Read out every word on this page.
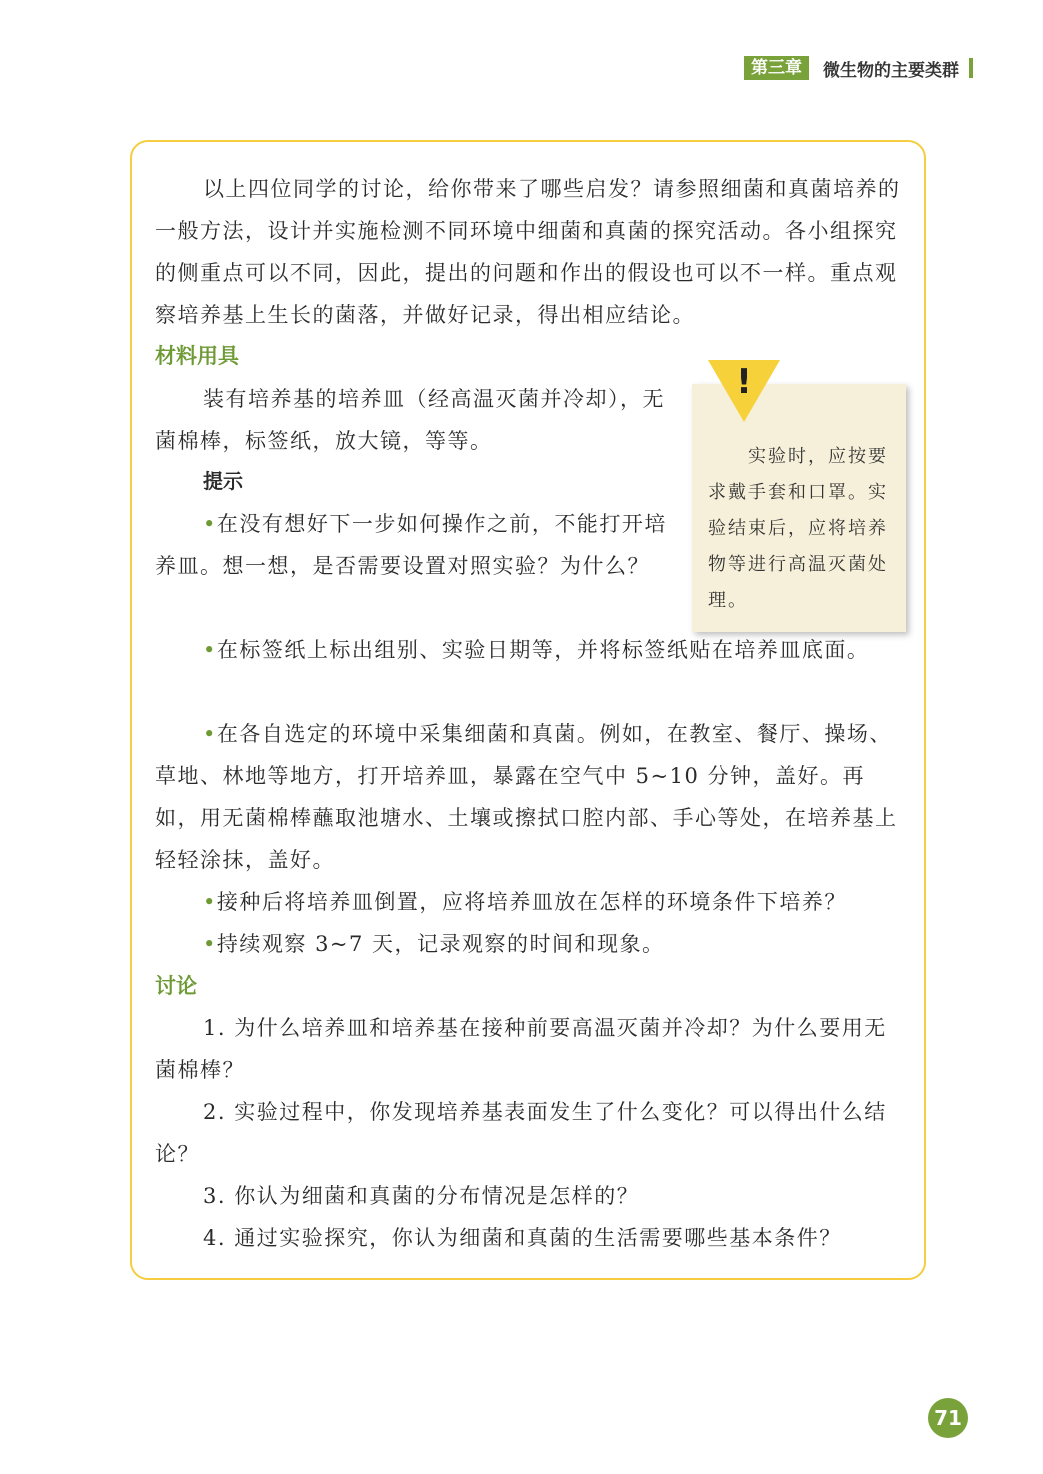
第三章	微生物的主要类群

以上四位同学的讨论，给你带来了哪些启发？请参照细菌和真菌培养的一般方法，设计并实施检测不同环境中细菌和真菌的探究活动。各小组探究的侧重点可以不同，因此，提出的问题和作出的假设也可以不一样。重点观察培养基上生长的菌落，并做好记录，得出相应结论。

材料用具

装有培养基的培养皿（经高温灭菌并冷却），无菌棉棒，标签纸，放大镜，等等。

提示

•在没有想好下一步如何操作之前，不能打开培养皿。想一想，是否需要设置对照实验？为什么？

•在标签纸上标出组别、实验日期等，并将标签纸贴在培养皿底面。

•在各自选定的环境中采集细菌和真菌。例如，在教室、餐厅、操场、草地、林地等地方，打开培养皿，暴露在空气中 5~10 分钟，盖好。再如，用无菌棉棒蘸取池塘水、土壤或擦拭口腔内部、手心等处，在培养基上轻轻涂抹，盖好。

•接种后将培养皿倒置，应将培养皿放在怎样的环境条件下培养？

•持续观察 3~7 天，记录观察的时间和现象。

讨论

1. 为什么培养皿和培养基在接种前要高温灭菌并冷却？为什么要用无菌棉棒？

2. 实验过程中，你发现培养基表面发生了什么变化？可以得出什么结论？

3. 你认为细菌和真菌的分布情况是怎样的？

4. 通过实验探究，你认为细菌和真菌的生活需要哪些基本条件？

实验时，应按要求戴手套和口罩。实验结束后，应将培养物等进行高温灭菌处理。

!
71
